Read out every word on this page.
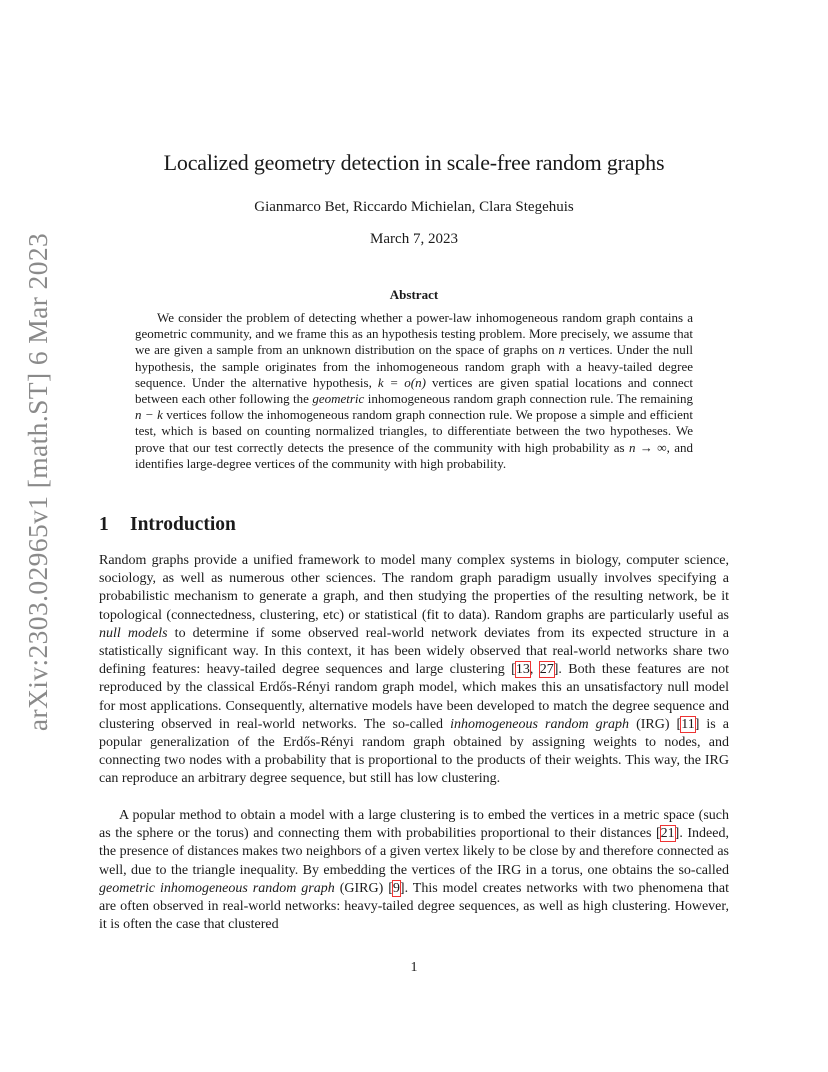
arXiv:2303.02965v1 [math.ST] 6 Mar 2023
Localized geometry detection in scale-free random graphs
Gianmarco Bet, Riccardo Michielan, Clara Stegehuis
March 7, 2023
Abstract

We consider the problem of detecting whether a power-law inhomogeneous random graph contains a geometric community, and we frame this as an hypothesis testing problem. More precisely, we assume that we are given a sample from an unknown distribution on the space of graphs on n vertices. Under the null hypothesis, the sample originates from the inhomogeneous random graph with a heavy-tailed degree sequence. Under the alternative hypothesis, k = o(n) vertices are given spatial locations and connect between each other following the geometric inhomogeneous random graph connection rule. The remaining n − k vertices follow the inhomogeneous random graph connection rule. We propose a simple and efficient test, which is based on counting normalized triangles, to differentiate between the two hypotheses. We prove that our test correctly detects the presence of the community with high probability as n → ∞, and identifies large-degree vertices of the community with high probability.

1 Introduction

Random graphs provide a unified framework to model many complex systems in biology, computer science, sociology, as well as numerous other sciences. The random graph paradigm usually involves specifying a probabilistic mechanism to generate a graph, and then studying the properties of the resulting network, be it topological (connectedness, clustering, etc) or statistical (fit to data). Random graphs are particularly useful as null models to determine if some observed real-world network deviates from its expected structure in a statistically significant way. In this context, it has been widely observed that real-world networks share two defining features: heavy-tailed degree sequences and large clustering [13, 27]. Both these features are not reproduced by the classical Erdős-Rényi random graph model, which makes this an unsatisfactory null model for most applications. Consequently, alternative models have been developed to match the degree sequence and clustering observed in real-world networks. The so-called inhomogeneous random graph (IRG) [11] is a popular generalization of the Erdős-Rényi random graph obtained by assigning weights to nodes, and connecting two nodes with a probability that is proportional to the products of their weights. This way, the IRG can reproduce an arbitrary degree sequence, but still has low clustering.

A popular method to obtain a model with a large clustering is to embed the vertices in a metric space (such as the sphere or the torus) and connecting them with probabilities proportional to their distances [21]. Indeed, the presence of distances makes two neighbors of a given vertex likely to be close by and therefore connected as well, due to the triangle inequality. By embedding the vertices of the IRG in a torus, one obtains the so-called geometric inhomogeneous random graph (GIRG) [9]. This model creates networks with two phenomena that are often observed in real-world networks: heavy-tailed degree sequences, as well as high clustering. However, it is often the case that clustered

1
